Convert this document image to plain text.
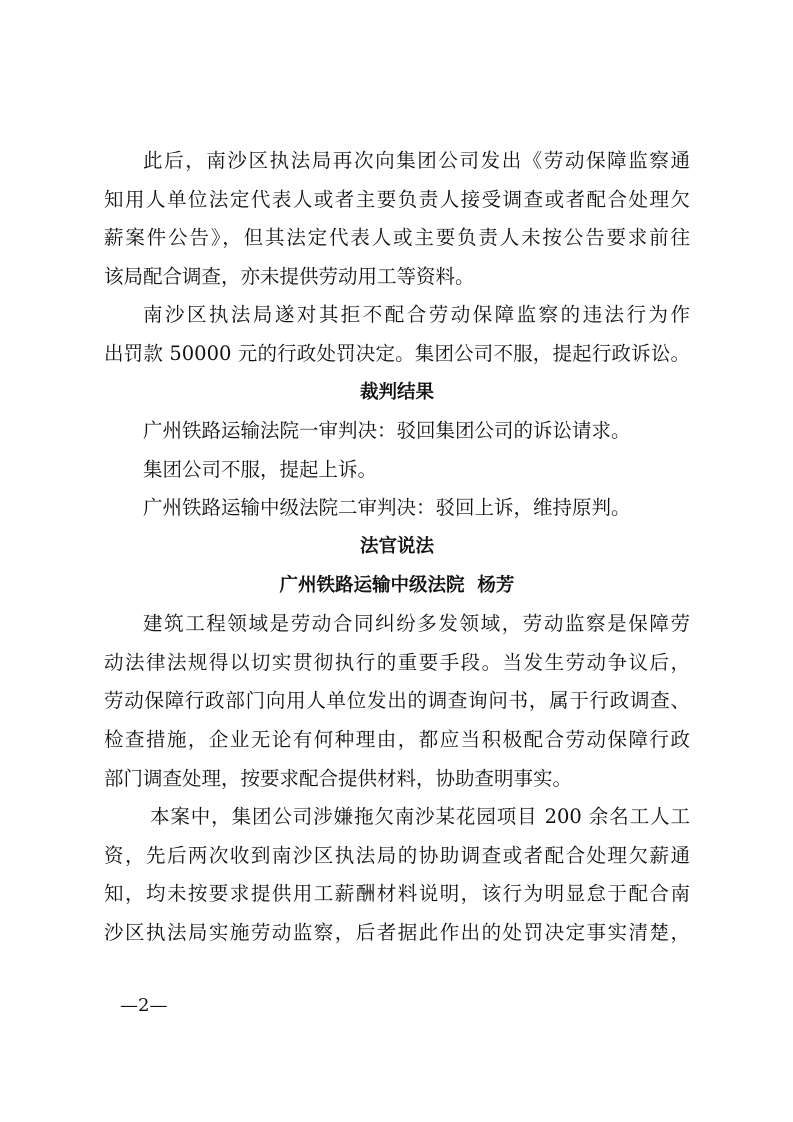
此后，南沙区执法局再次向集团公司发出《劳动保障监察通
知用人单位法定代表人或者主要负责人接受调查或者配合处理欠
薪案件公告》，但其法定代表人或主要负责人未按公告要求前往
该局配合调查，亦未提供劳动用工等资料。
南沙区执法局遂对其拒不配合劳动保障监察的违法行为作
出罚款 50000 元的行政处罚决定。集团公司不服，提起行政诉讼。
裁判结果
广州铁路运输法院一审判决：驳回集团公司的诉讼请求。
集团公司不服，提起上诉。
广州铁路运输中级法院二审判决：驳回上诉，维持原判。
法官说法
广州铁路运输中级法院  杨芳
建筑工程领域是劳动合同纠纷多发领域，劳动监察是保障劳
动法律法规得以切实贯彻执行的重要手段。当发生劳动争议后，
劳动保障行政部门向用人单位发出的调查询问书，属于行政调查、
检查措施，企业无论有何种理由，都应当积极配合劳动保障行政
部门调查处理，按要求配合提供材料，协助查明事实。
本案中，集团公司涉嫌拖欠南沙某花园项目 200 余名工人工
资，先后两次收到南沙区执法局的协助调查或者配合处理欠薪通
知，均未按要求提供用工薪酬材料说明，该行为明显怠于配合南
沙区执法局实施劳动监察，后者据此作出的处罚决定事实清楚，
—2—
